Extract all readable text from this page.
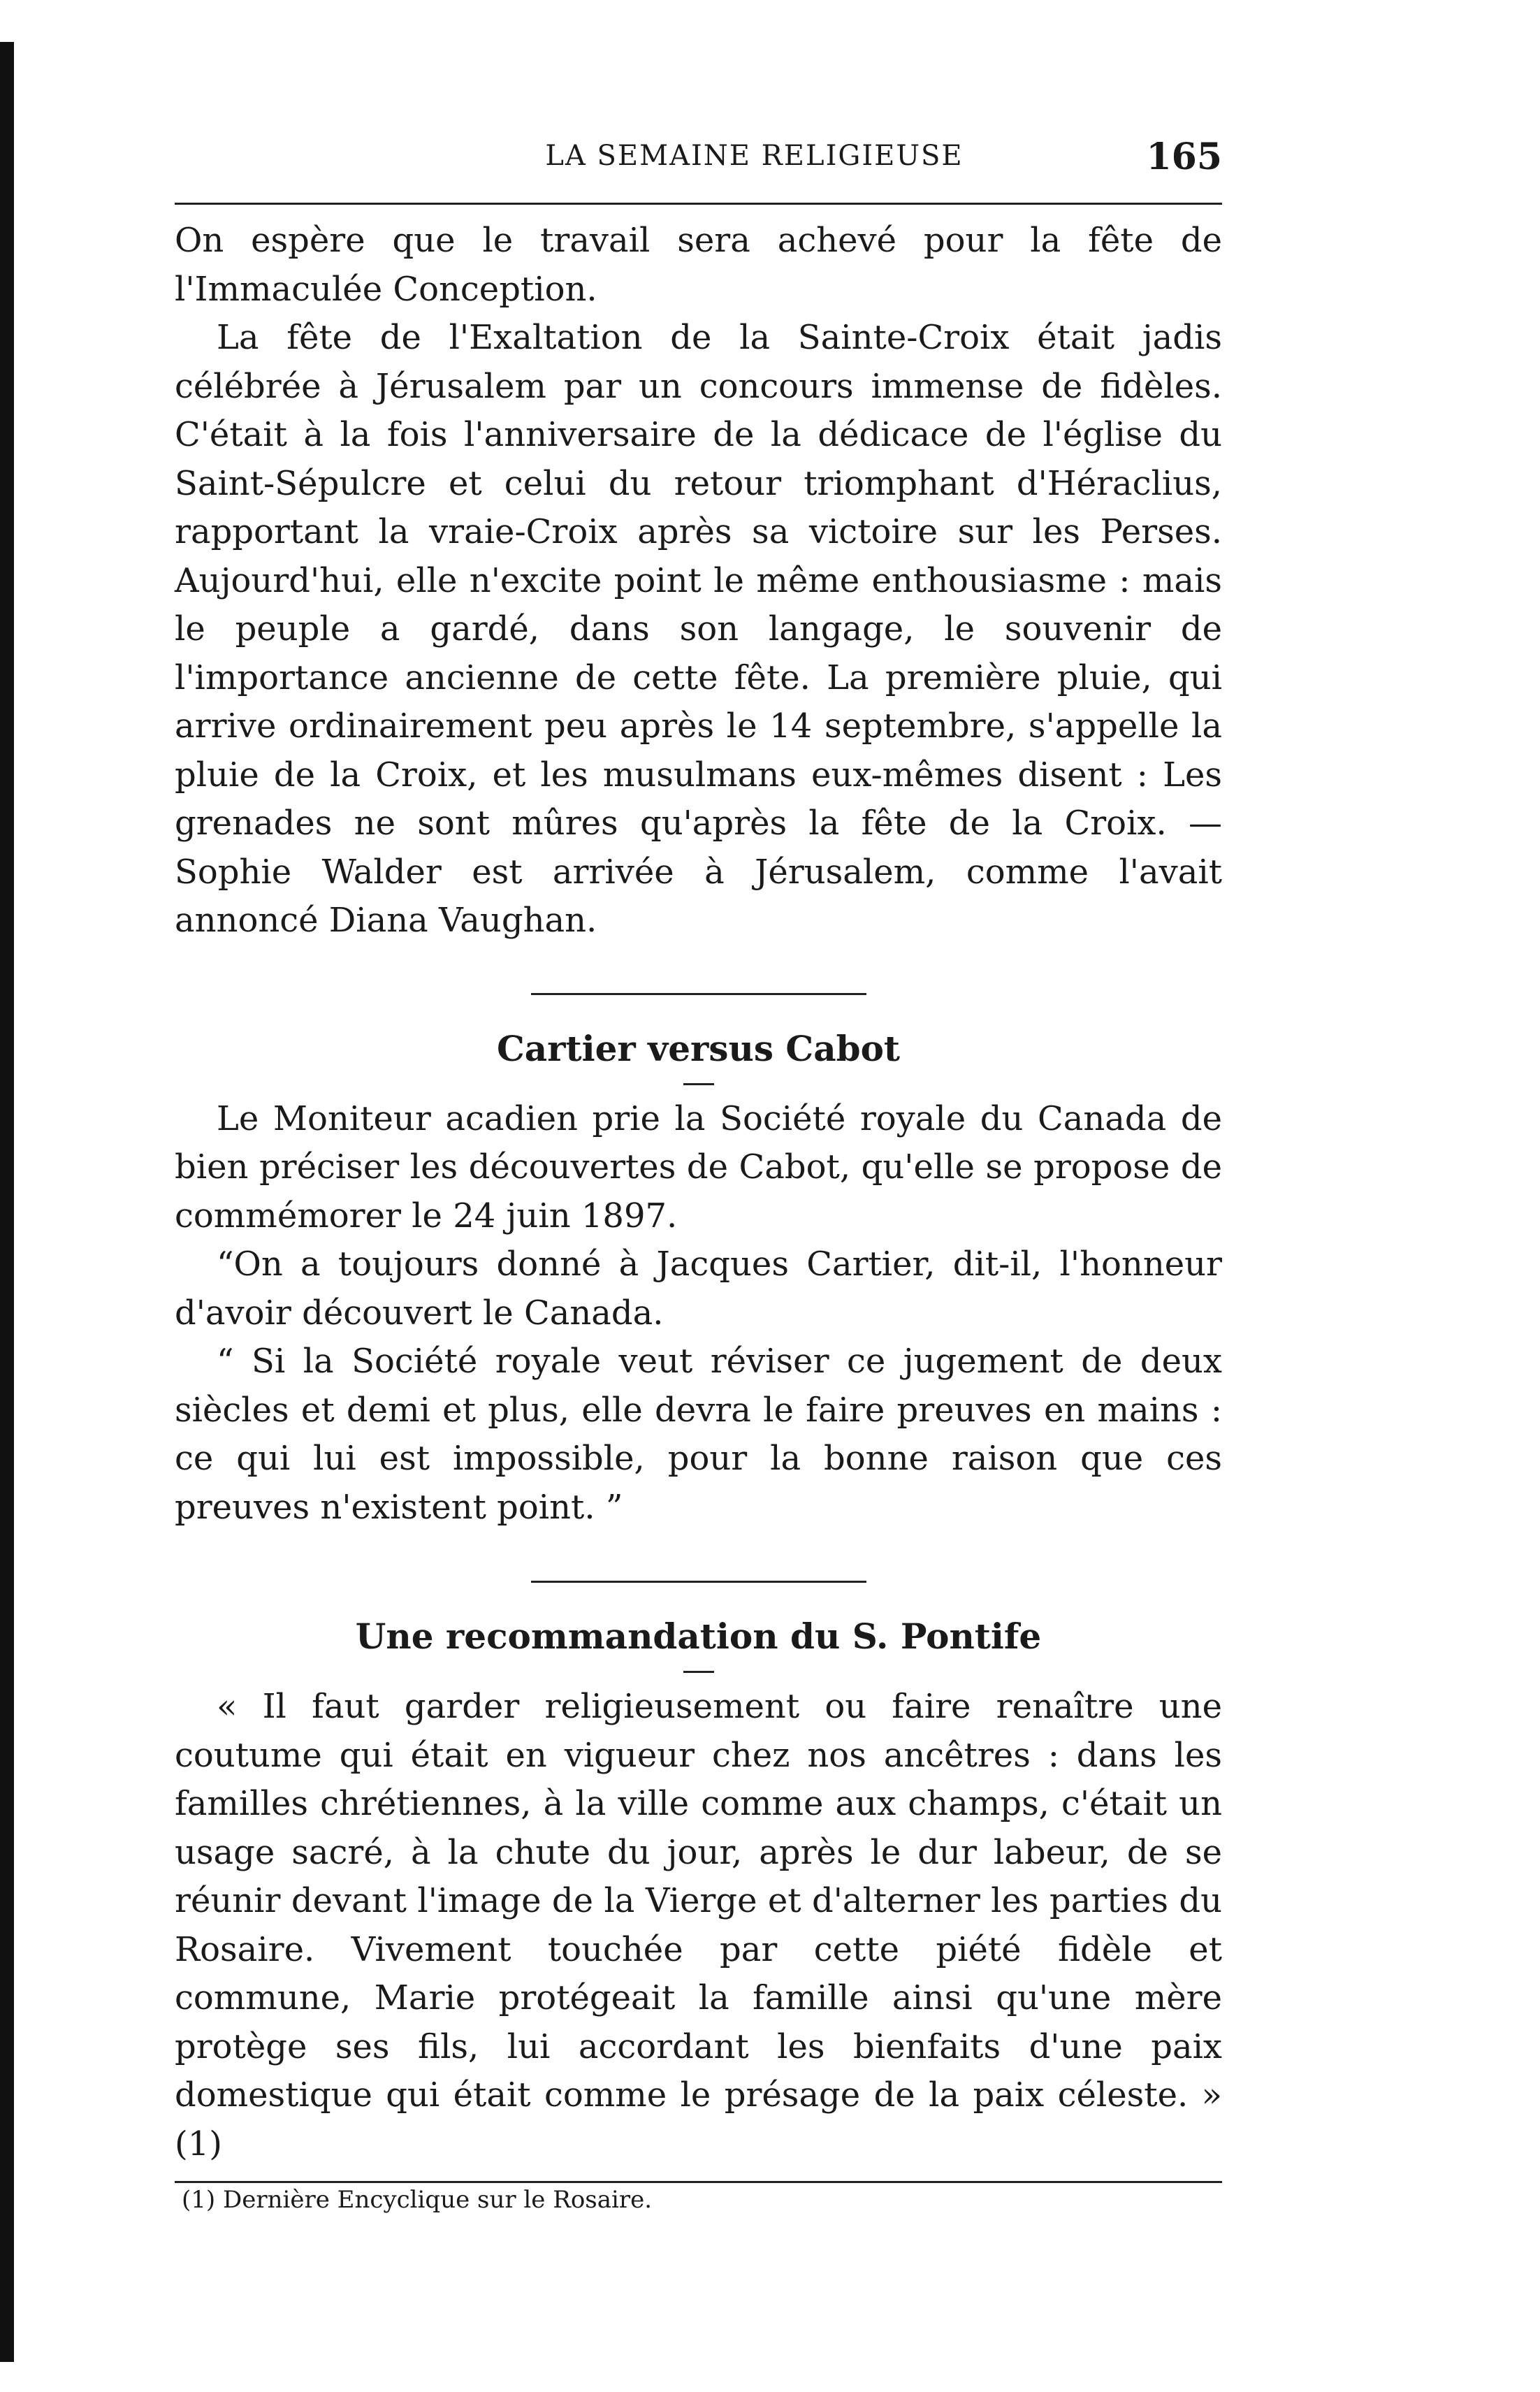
LA SEMAINE RELIGIEUSE	165

On espère que le travail sera achevé pour la fête de l'Immaculée Conception.

La fête de l'Exaltation de la Sainte-Croix était jadis célébrée à Jérusalem par un concours immense de fidèles. C'était à la fois l'anniversaire de la dédicace de l'église du Saint-Sépulcre et celui du retour triomphant d'Héraclius, rapportant la vraie-Croix après sa victoire sur les Perses. Aujourd'hui, elle n'excite point le même enthousiasme : mais le peuple a gardé, dans son langage, le souvenir de l'importance ancienne de cette fête. La première pluie, qui arrive ordinairement peu après le 14 septembre, s'appelle la pluie de la Croix, et les musulmans eux-mêmes disent : Les grenades ne sont mûres qu'après la fête de la Croix. — Sophie Walder est arrivée à Jérusalem, comme l'avait annoncé Diana Vaughan.

Cartier versus Cabot

Le Moniteur acadien prie la Société royale du Canada de bien préciser les découvertes de Cabot, qu'elle se propose de commémorer le 24 juin 1897.

“On a toujours donné à Jacques Cartier, dit-il, l'honneur d'avoir découvert le Canada.

“ Si la Société royale veut réviser ce jugement de deux siècles et demi et plus, elle devra le faire preuves en mains : ce qui lui est impossible, pour la bonne raison que ces preuves n'existent point. ”

Une recommandation du S. Pontife

« Il faut garder religieusement ou faire renaître une coutume qui était en vigueur chez nos ancêtres : dans les familles chrétiennes, à la ville comme aux champs, c'était un usage sacré, à la chute du jour, après le dur labeur, de se réunir devant l'image de la Vierge et d'alterner les parties du Rosaire. Vivement touchée par cette piété fidèle et commune, Marie protégeait la famille ainsi qu'une mère protège ses fils, lui accordant les bienfaits d'une paix domestique qui était comme le présage de la paix céleste. » (1)

(1) Dernière Encyclique sur le Rosaire.
